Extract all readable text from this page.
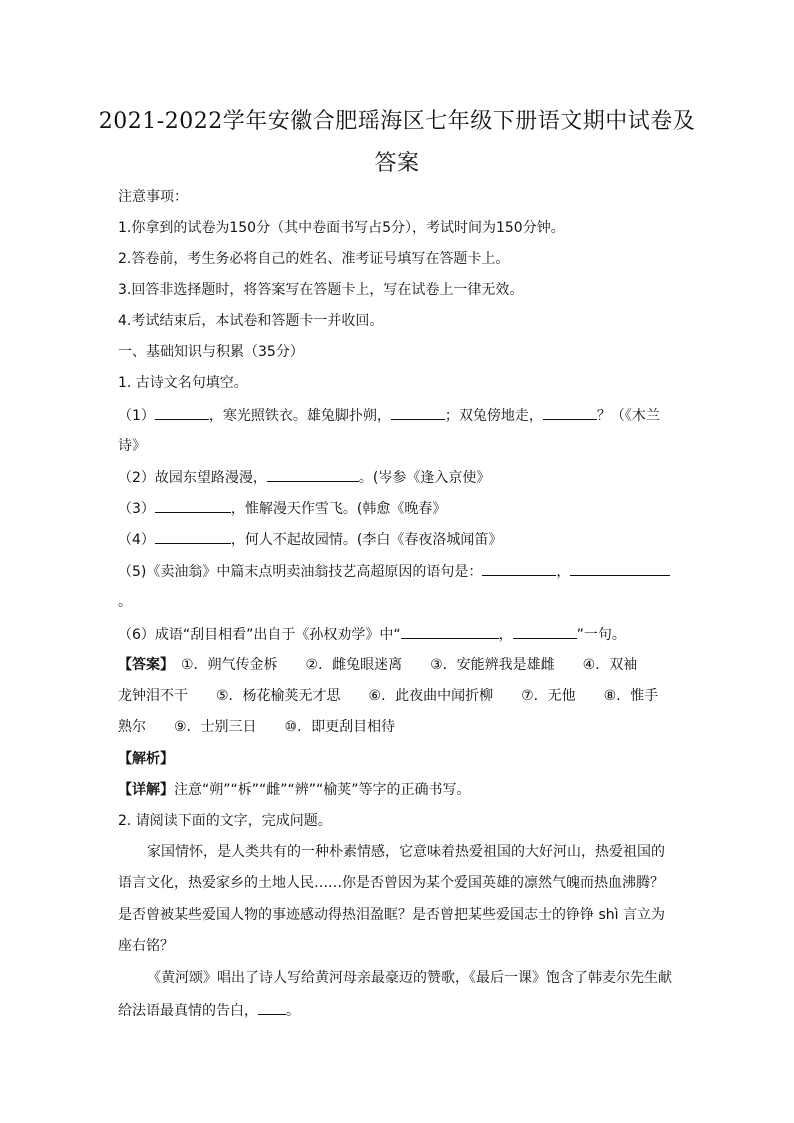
2021-2022学年安徽合肥瑶海区七年级下册语文期中试卷及
答案
注意事项：
1.你拿到的试卷为150分（其中卷面书写占5分），考试时间为150分钟。
2.答卷前，考生务必将自己的姓名、准考证号填写在答题卡上。
3.回答非选择题时，将答案写在答题卡上，写在试卷上一律无效。
4.考试结束后，本试卷和答题卡一并收回。
一、基础知识与积累（35分）
1. 古诗文名句填空。
（1）	，寒光照铁衣。雄兔脚扑朔，	；双兔傍地走，	？（《木兰
诗》
（2）故园东望路漫漫，	。(岑参《逢入京使》
（3）	，惟解漫天作雪飞。(韩愈《晚春》
（4）	，何人不起故园情。(李白《春夜洛城闻笛》
（5)《卖油翁》中篇末点明卖油翁技艺高超原因的语句是：	，
。
（6）成语“刮目相看”出自于《孙权劝学》中“	，	”一句。
【答案】　 ①．朔气传金柝　　②．雌兔眼迷离　　③．安能辨我是雄雌　　④．双袖
龙钟泪不干　　⑤．杨花榆荚无才思　　⑥．此夜曲中闻折柳　　⑦．无他　　⑧．惟手
熟尔　　⑨．士别三日　　⑩．即更刮目相待
【解析】
【详解】注意“朔”“柝”“雌”“辨”“榆荚”等字的正确书写。
2. 请阅读下面的文字，完成问题。
家国情怀，是人类共有的一种朴素情感，它意味着热爱祖国的大好河山，热爱祖国的
语言文化，热爱家乡的土地人民……你是否曾因为某个爱国英雄的凛然气魄而热血沸腾？
是否曾被某些爱国人物的事迹感动得热泪盈眶？是否曾把某些爱国志士的铮铮 shì 言立为
座右铭？
《黄河颂》唱出了诗人写给黄河母亲最豪迈的赞歌，《最后一课》饱含了韩麦尔先生献
给法语最真情的告白， 。
